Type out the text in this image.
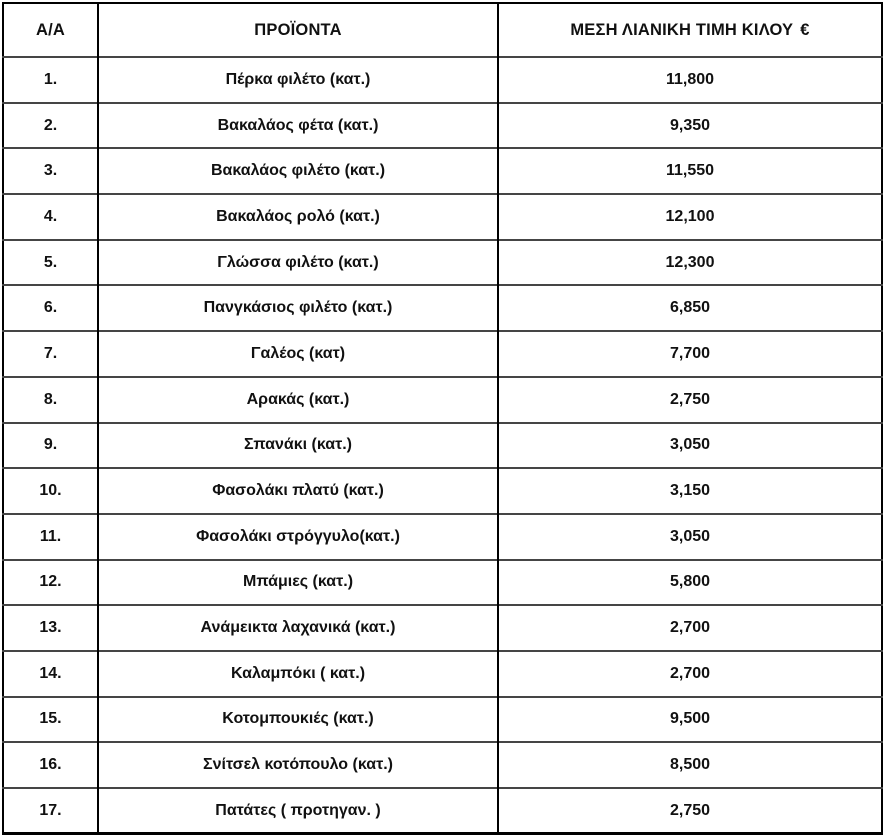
Α/Α	ΠΡΟΪΟΝΤΑ	ΜΕΣΗ ΛΙΑΝΙΚΗ ΤΙΜΗ ΚΙΛΟΥ €
1.	Πέρκα φιλέτο (κατ.)	11,800
2.	Βακαλάος φέτα (κατ.)	9,350
3.	Βακαλάος φιλέτο (κατ.)	11,550
4.	Βακαλάος ρολό (κατ.)	12,100
5.	Γλώσσα φιλέτο (κατ.)	12,300
6.	Πανγκάσιος φιλέτο (κατ.)	6,850
7.	Γαλέος (κατ)	7,700
8.	Αρακάς (κατ.)	2,750
9.	Σπανάκι (κατ.)	3,050
10.	Φασολάκι πλατύ (κατ.)	3,150
11.	Φασολάκι στρόγγυλο(κατ.)	3,050
12.	Μπάμιες (κατ.)	5,800
13.	Ανάμεικτα λαχανικά (κατ.)	2,700
14.	Καλαμπόκι ( κατ.)	2,700
15.	Κοτομπουκιές (κατ.)	9,500
16.	Σνίτσελ κοτόπουλο (κατ.)	8,500
17.	Πατάτες ( προτηγαν. )	2,750
